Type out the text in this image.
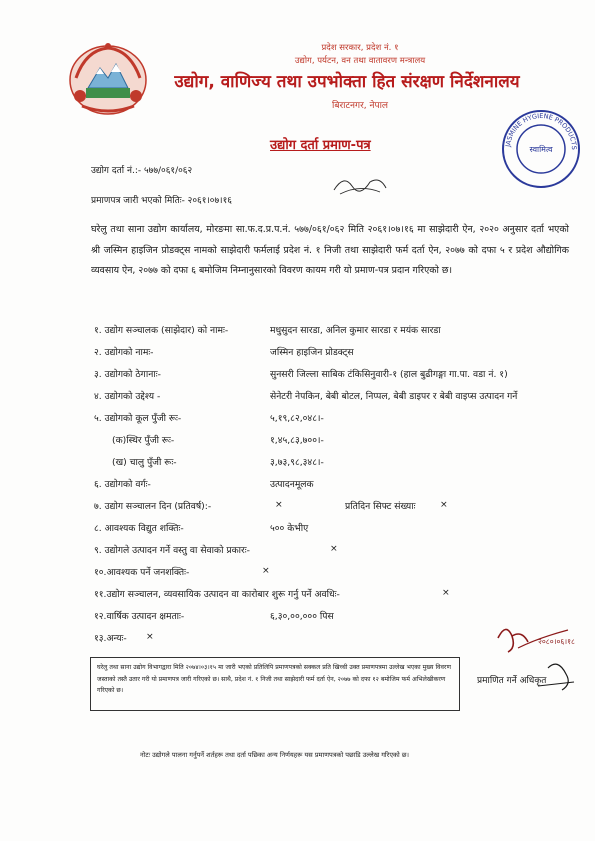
प्रदेश सरकार, प्रदेश नं. १
उद्योग, पर्यटन, वन तथा वातावरण मन्त्रालय
उद्योग, वाणिज्य तथा उपभोक्ता हित संरक्षण निर्देशनालय
बिराटनगर, नेपाल
उद्योग दर्ता प्रमाण-पत्र	स्वामित्व
JASMINE HYGIENE PRODUCTS
उद्योग दर्ता नं.:- ५७७/०६१/०६२
प्रमाणपत्र जारी भएको मितिः- २०६१।०७।१६
घरेलु तथा साना उद्योग कार्यालय, मोरङमा सा.फ.द.प्र.प.नं. ५७७/०६१/०६२ मिति २०६१।०७।१६ मा साझेदारी ऐन, २०२० अनुसार दर्ता भएको श्री जस्मिन हाइजिन प्रोडक्ट्स नामको साझेदारी फर्मलाई प्रदेश नं. १ निजी तथा साझेदारी फर्म दर्ता ऐन, २०७७ को दफा ५ र प्रदेश औद्योगिक व्यवसाय ऐन, २०७७ को दफा ६ बमोजिम निम्नानुसारको विवरण कायम गरी यो प्रमाण-पत्र प्रदान गरिएको छ।
१. उद्योग सञ्चालक (साझेदार) को नामः-	मधुसुदन सारडा, अनिल कुमार सारडा र मयंक सारडा
२. उद्योगको नामः-	जस्मिन हाइजिन प्रोडक्ट्स
३. उद्योगको ठेगानाः-	सुनसरी जिल्ला साबिक टंकिसिनुवारी-१ (हाल बुढीगङ्गा गा.पा. वडा नं. १)
४. उद्योगको उद्देश्य -	सेनेटरी नेपकिन, बेबी बोटल, निप्पल, बेबी डाइपर र बेबी वाइप्स उत्पादन गर्ने
५. उद्योगको कूल पुँजी रूः-	५,१९,८२,०४८।-
(क)स्थिर पुँजी रूः-	१,४५,८३,७००।-
(ख) चालु पुँजी रूः-	३,७३,९८,३४८।-
६. उद्योगको वर्गः-	उत्पादनमूलक
७. उद्योग सञ्चालन दिन (प्रतिवर्ष):-	×	प्रतिदिन सिफ्ट संख्याः	×
८. आवश्यक विद्युत शक्तिः-	५०० केभीए
९. उद्योगले उत्पादन गर्ने वस्तु वा सेवाको प्रकारः-	×
१०.आवश्यक पर्ने जनशक्तिः-	×
११.उद्योग सञ्चालन, व्यवसायिक उत्पादन वा कारोबार शुरू गर्नु पर्ने अवधिः-	×
१२.वार्षिक उत्पादन क्षमताः-	६,३०,००,००० पिस
१३.अन्यः- ×	२०८०।०६।१८
प्रमाणित गर्ने अधिकृत
घरेलु तथा साना उद्योग विभागद्वारा मिति २०७४।०३।१५ मा जारी भएको प्रतिलिपि प्रमाणपत्रको सक्कल प्रति खिच्ची उक्त प्रमाणपत्रमा उल्लेख भएका मुख्य विवरण जस्ताको तस्तै उतार गरी यो प्रमाणपत्र जारी गरिएको छ। साथै, प्रदेश नं. १ निजी तथा साझेदारी फर्म दर्ता ऐन, २०७७ को दफा १२ बमोजिम फर्म अभिलेखीकरण गरिएको छ।
नोटः उद्योगले पालना गर्नुपर्ने शर्तहरू तथा दर्ता पछिका अन्य निर्णयहरू यस प्रमाणपत्रको पछाडि उल्लेख गरिएको छ।
